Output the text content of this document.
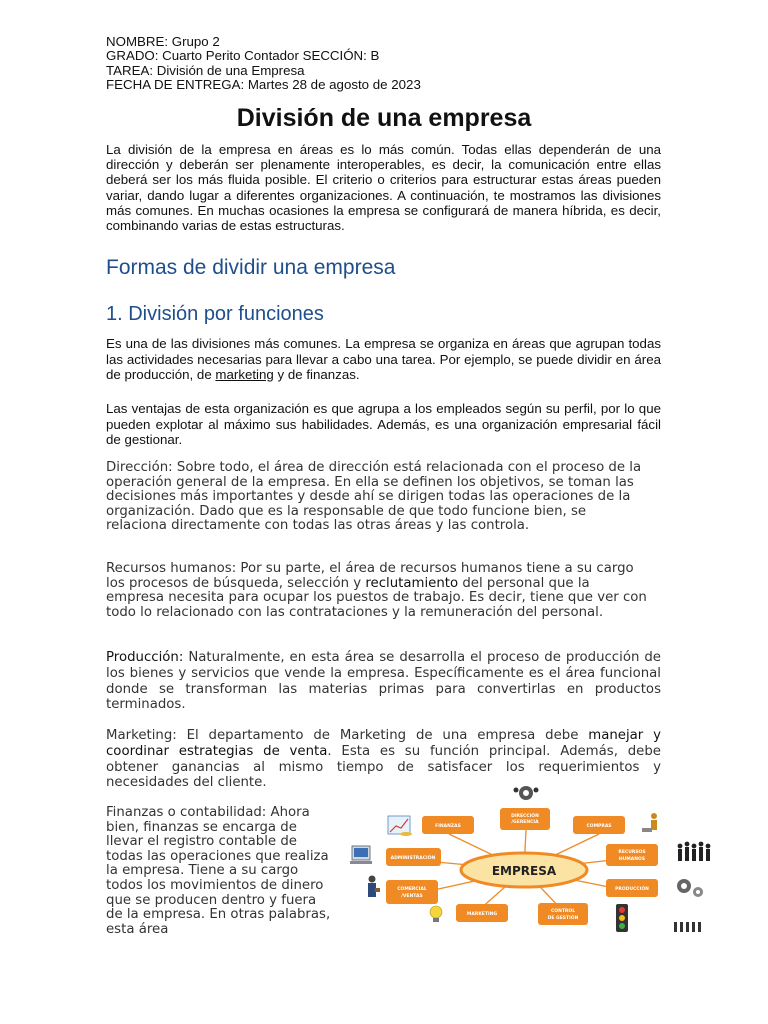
NOMBRE: Grupo 2
GRADO: Cuarto Perito Contador SECCIÓN: B
TAREA: División de una Empresa
FECHA DE ENTREGA: Martes 28 de agosto de 2023
División de una empresa
La división de la empresa en áreas es lo más común. Todas ellas dependerán de una dirección y deberán ser plenamente interoperables, es decir, la comunicación entre ellas deberá ser los más fluida posible. El criterio o criterios para estructurar estas áreas pueden variar, dando lugar a diferentes organizaciones. A continuación, te mostramos las divisiones más comunes. En muchas ocasiones la empresa se configurará de manera híbrida, es decir, combinando varias de estas estructuras.
Formas de dividir una empresa
1. División por funciones
Es una de las divisiones más comunes. La empresa se organiza en áreas que agrupan todas las actividades necesarias para llevar a cabo una tarea. Por ejemplo, se puede dividir en área de producción, de marketing y de finanzas.
Las ventajas de esta organización es que agrupa a los empleados según su perfil, por lo que pueden explotar al máximo sus habilidades. Además, es una organización empresarial fácil de gestionar.
Dirección: Sobre todo, el área de dirección está relacionada con el proceso de la operación general de la empresa. En ella se definen los objetivos, se toman las decisiones más importantes y desde ahí se dirigen todas las operaciones de la organización. Dado que es la responsable de que todo funcione bien, se relaciona directamente con todas las otras áreas y las controla.
Recursos humanos: Por su parte, el área de recursos humanos tiene a su cargo los procesos de búsqueda, selección y reclutamiento del personal que la empresa necesita para ocupar los puestos de trabajo. Es decir, tiene que ver con todo lo relacionado con las contrataciones y la remuneración del personal.
Producción: Naturalmente, en esta área se desarrolla el proceso de producción de los bienes y servicios que vende la empresa. Específicamente es el área funcional donde se transforman las materias primas para convertirlas en productos terminados.
Marketing: El departamento de Marketing de una empresa debe manejar y coordinar estrategias de venta. Esta es su función principal. Además, debe obtener ganancias al mismo tiempo de satisfacer los requerimientos y necesidades del cliente.
Finanzas o contabilidad: Ahora bien, finanzas se encarga de llevar el registro contable de todas las operaciones que realiza la empresa. Tiene a su cargo todos los movimientos de dinero que se producen dentro y fuera de la empresa. En otras palabras, esta área
EMPRESA
FINANZAS
DIRECCIÓN
/GERENCIA
COMPRAS
ADMINISTRACIÓN
RECURSOS
HUMANOS
COMERCIAL
/VENTAS
PRODUCCIÓN
MARKETING
CONTROL
DE GESTIÓN
